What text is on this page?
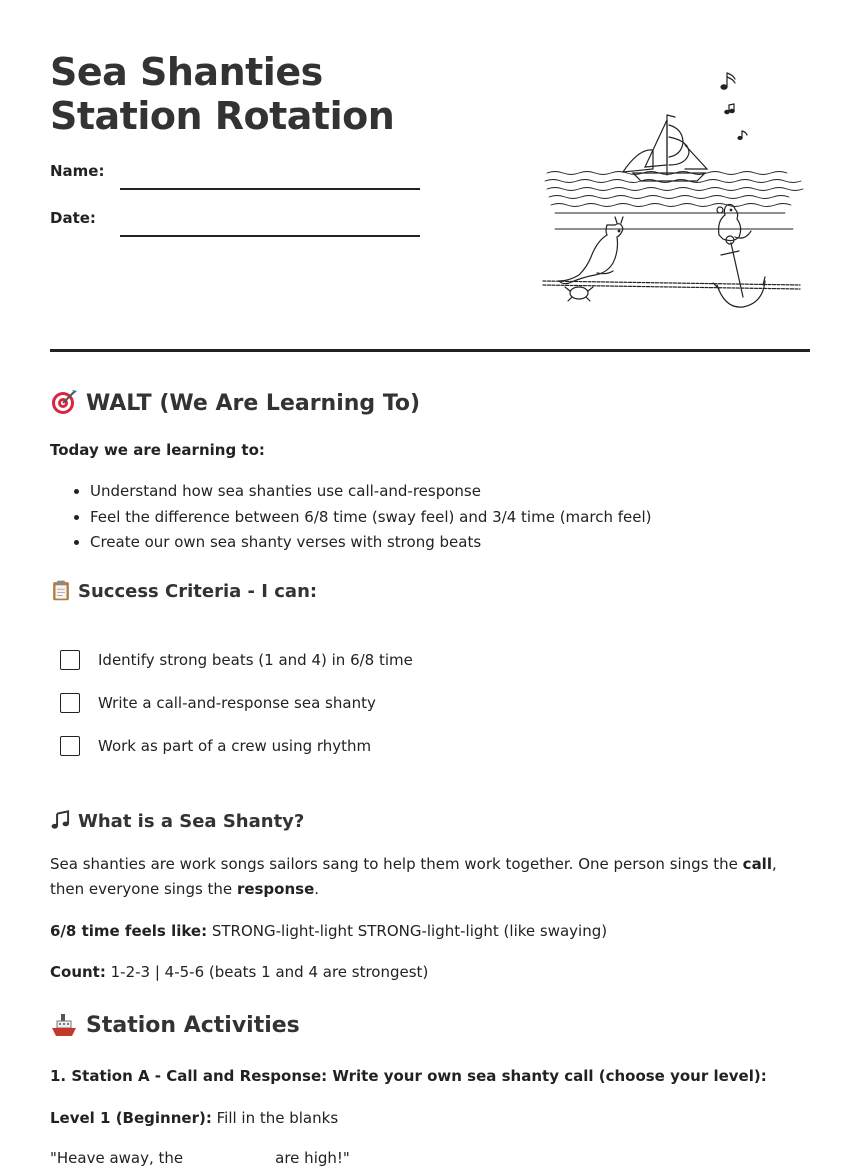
Sea Shanties Station Rotation
Name:
Date:
WALT (We Are Learning To)

Today we are learning to:

• Understand how sea shanties use call-and-response
• Feel the difference between 6/8 time (sway feel) and 3/4 time (march feel)
• Create our own sea shanty verses with strong beats
Success Criteria - I can:
Identify strong beats (1 and 4) in 6/8 time
Write a call-and-response sea shanty
Work as part of a crew using rhythm
What is a Sea Shanty?

Sea shanties are work songs sailors sang to help them work together. One person sings the call, then everyone sings the response.

6/8 time feels like: STRONG-light-light STRONG-light-light (like swaying)

Count: 1-2-3 | 4-5-6 (beats 1 and 4 are strongest)

Station Activities

1. Station A - Call and Response: Write your own sea shanty call (choose your level):

Level 1 (Beginner): Fill in the blanks

"Heave away, the	are high!"
